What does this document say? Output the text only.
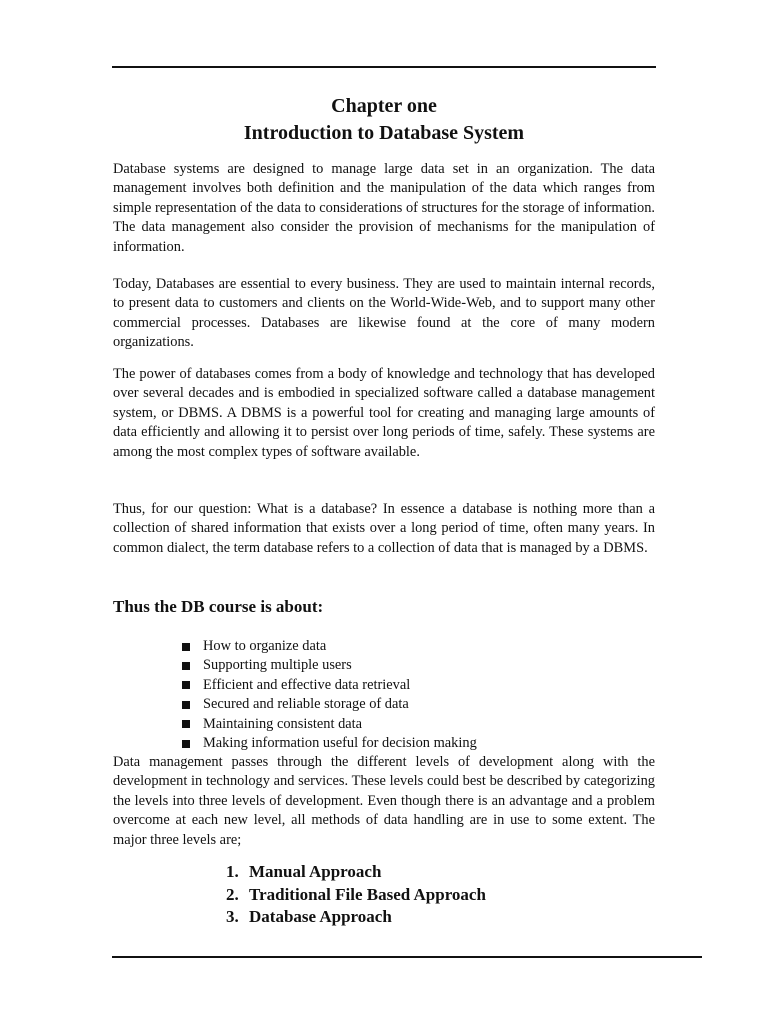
Chapter one
Introduction to Database System

Database systems are designed to manage large data set in an organization. The data management involves both definition and the manipulation of the data which ranges from simple representation of the data to considerations of structures for the storage of information. The data management also consider the provision of mechanisms for the manipulation of information.

Today, Databases are essential to every business. They are used to maintain internal records, to present data to customers and clients on the World-Wide-Web, and to support many other commercial processes. Databases are likewise found at the core of many modern organizations.

The power of databases comes from a body of knowledge and technology that has developed over several decades and is embodied in specialized software called a database management system, or DBMS. A DBMS is a powerful tool for creating and managing large amounts of data efficiently and allowing it to persist over long periods of time, safely. These systems are among the most complex types of software available.

Thus, for our question: What is a database? In essence a database is nothing more than a collection of shared information that exists over a long period of time, often many years. In common dialect, the term database refers to a collection of data that is managed by a DBMS.

Thus the DB course is about:
How to organize data
Supporting multiple users
Efficient and effective data retrieval
Secured and reliable storage of data
Maintaining consistent data
Making information useful for decision making

Data management passes through the different levels of development along with the development in technology and services. These levels could best be described by categorizing the levels into three levels of development. Even though there is an advantage and a problem overcome at each new level, all methods of data handling are in use to some extent. The major three levels are;

1. Manual Approach
2. Traditional File Based Approach
3. Database Approach
